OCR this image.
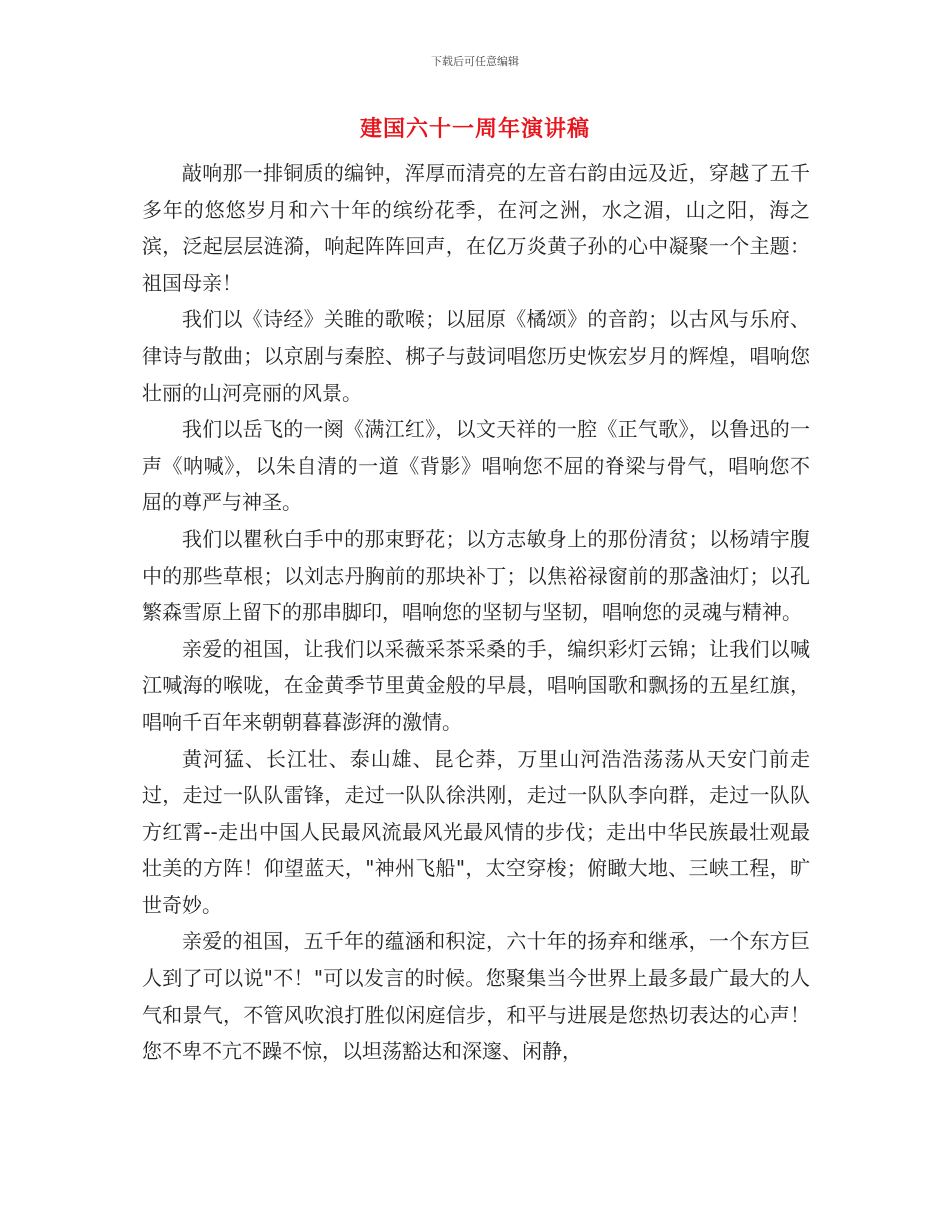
下载后可任意编辑
建国六十一周年演讲稿

敲响那一排铜质的编钟，浑厚而清亮的左音右韵由远及近，穿越了五千多年的悠悠岁月和六十年的缤纷花季，在河之洲，水之湄，山之阳，海之滨，泛起层层涟漪，响起阵阵回声，在亿万炎黄子孙的心中凝聚一个主题：祖国母亲！

我们以《诗经》关睢的歌喉；以屈原《橘颂》的音韵；以古风与乐府、律诗与散曲；以京剧与秦腔、梆子与鼓词唱您历史恢宏岁月的辉煌，唱响您壮丽的山河亮丽的风景。

我们以岳飞的一阕《满江红》，以文天祥的一腔《正气歌》，以鲁迅的一声《呐喊》，以朱自清的一道《背影》唱响您不屈的脊梁与骨气，唱响您不屈的尊严与神圣。

我们以瞿秋白手中的那束野花；以方志敏身上的那份清贫；以杨靖宇腹中的那些草根；以刘志丹胸前的那块补丁；以焦裕禄窗前的那盏油灯；以孔繁森雪原上留下的那串脚印，唱响您的坚韧与坚韧，唱响您的灵魂与精神。

亲爱的祖国，让我们以采薇采茶采桑的手，编织彩灯云锦；让我们以喊江喊海的喉咙，在金黄季节里黄金般的早晨，唱响国歌和飘扬的五星红旗，唱响千百年来朝朝暮暮澎湃的激情。

黄河猛、长江壮、泰山雄、昆仑莽，万里山河浩浩荡荡从天安门前走过，走过一队队雷锋，走过一队队徐洪刚，走过一队队李向群，走过一队队方红霄--走出中国人民最风流最风光最风情的步伐；走出中华民族最壮观最壮美的方阵！仰望蓝天，"神州飞船"，太空穿梭；俯瞰大地、三峡工程，旷世奇妙。

亲爱的祖国，五千年的蕴涵和积淀，六十年的扬弃和继承，一个东方巨人到了可以说"不！"可以发言的时候。您聚集当今世界上最多最广最大的人气和景气，不管风吹浪打胜似闲庭信步，和平与进展是您热切表达的心声！您不卑不亢不躁不惊，以坦荡豁达和深邃、闲静，
